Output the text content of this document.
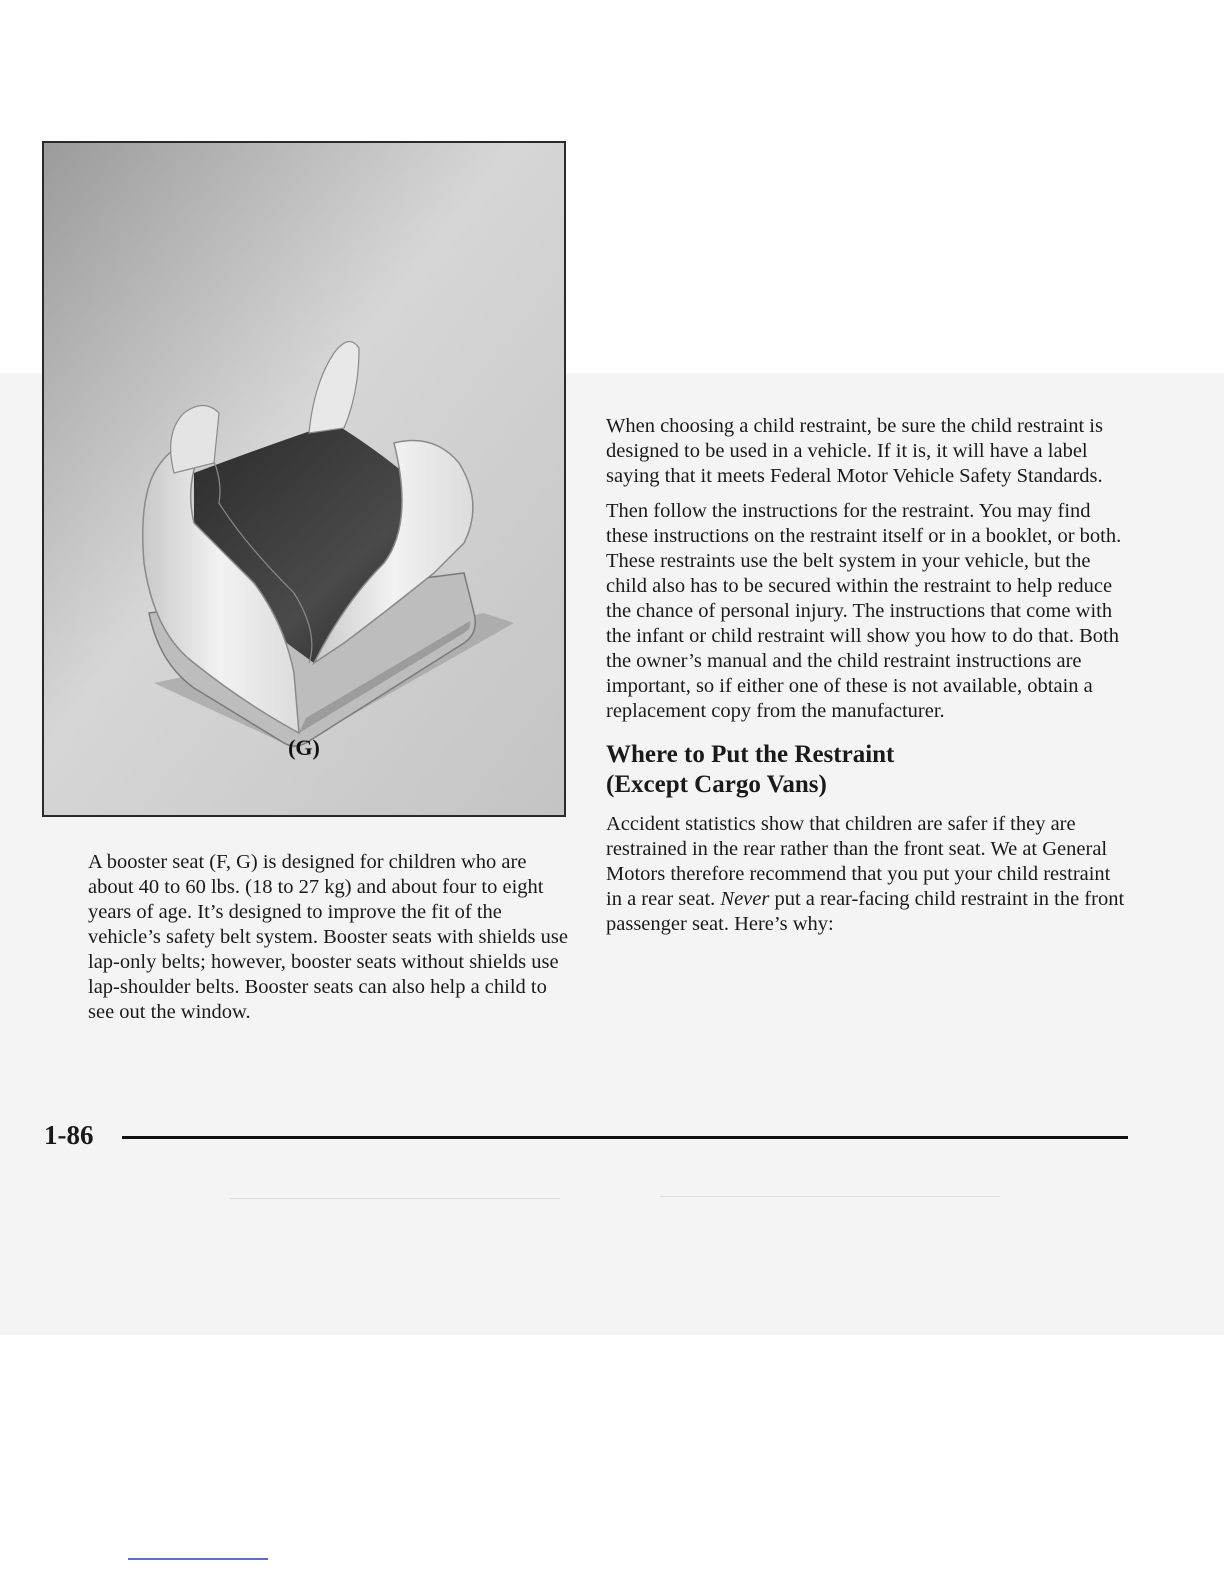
(G)

A booster seat (F, G) is designed for children who are about 40 to 60 lbs. (18 to 27 kg) and about four to eight years of age. It’s designed to improve the fit of the vehicle’s safety belt system. Booster seats with shields use lap-only belts; however, booster seats without shields use lap-shoulder belts. Booster seats can also help a child to see out the window.

When choosing a child restraint, be sure the child restraint is designed to be used in a vehicle. If it is, it will have a label saying that it meets Federal Motor Vehicle Safety Standards.

Then follow the instructions for the restraint. You may find these instructions on the restraint itself or in a booklet, or both. These restraints use the belt system in your vehicle, but the child also has to be secured within the restraint to help reduce the chance of personal injury. The instructions that come with the infant or child restraint will show you how to do that. Both the owner’s manual and the child restraint instructions are important, so if either one of these is not available, obtain a replacement copy from the manufacturer.

Where to Put the Restraint
(Except Cargo Vans)

Accident statistics show that children are safer if they are restrained in the rear rather than the front seat. We at General Motors therefore recommend that you put your child restraint in a rear seat. Never put a rear-facing child restraint in the front passenger seat. Here’s why:

1-86
